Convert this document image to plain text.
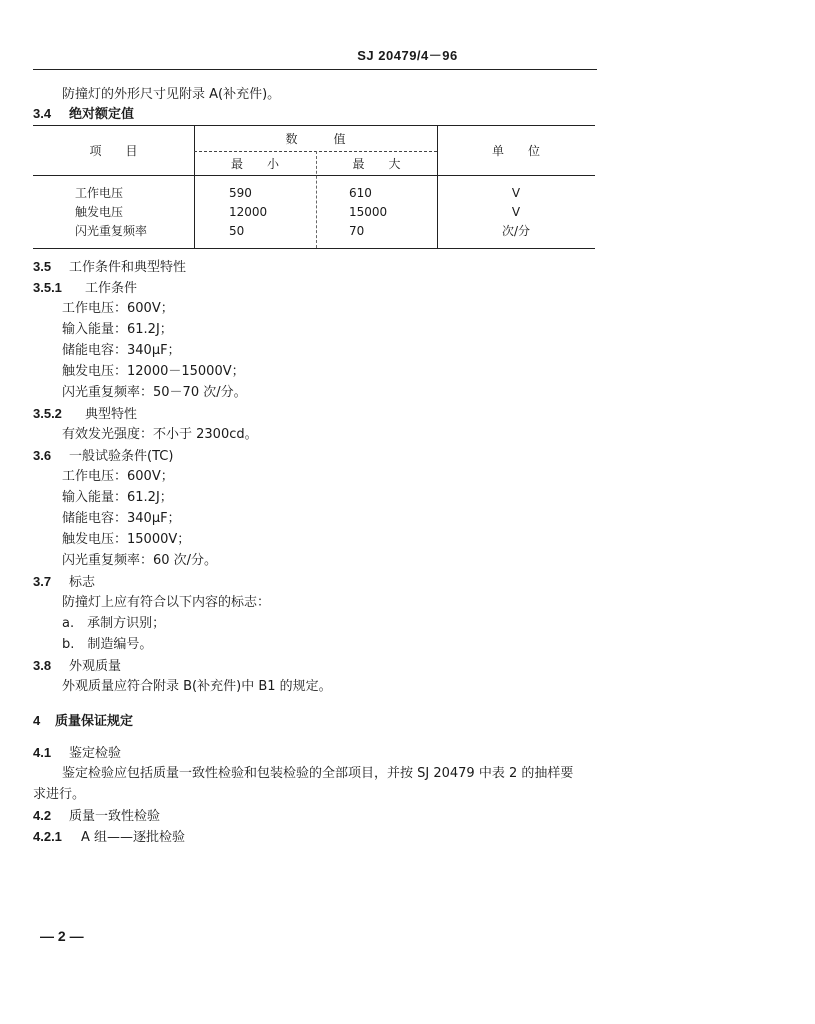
SJ 20479/4－96
防撞灯的外形尺寸见附录 A(补充件)。
3.4 绝对额定值
项　　目
数　　　值
最　　小	最　　大
单　　位
工作电压	590	610	V
触发电压	12000	15000	V
闪光重复频率	50	70	次/分
3.5 工作条件和典型特性
3.5.1 工作条件
工作电压：600V；
输入能量：61.2J；
储能电容：340μF；
触发电压：12000－15000V；
闪光重复频率：50－70 次/分。
3.5.2 典型特性
有效发光强度：不小于 2300cd。
3.6 一般试验条件(TC)
工作电压：600V；
输入能量：61.2J；
储能电容：340μF；
触发电压：15000V；
闪光重复频率：60 次/分。
3.7 标志
防撞灯上应有符合以下内容的标志：
a.　承制方识别；
b.　制造编号。
3.8 外观质量
外观质量应符合附录 B(补充件)中 B1 的规定。
4 质量保证规定
4.1 鉴定检验
鉴定检验应包括质量一致性检验和包装检验的全部项目，并按 SJ 20479 中表 2 的抽样要
求进行。
4.2 质量一致性检验
4.2.1 A 组——逐批检验
— 2 —
